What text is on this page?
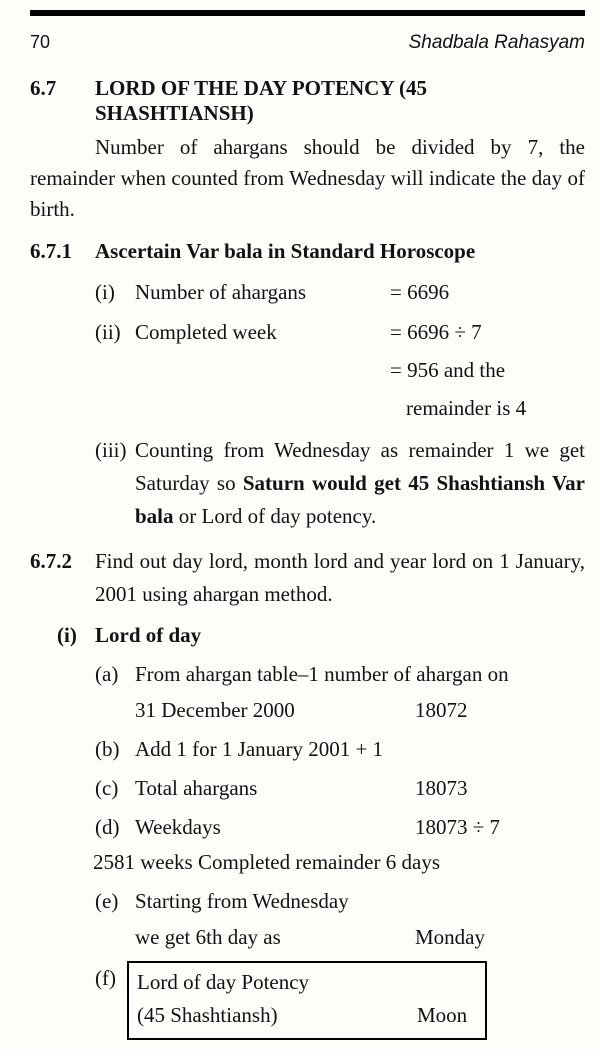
70	Shadbala Rahasyam
6.7	LORD OF THE DAY POTENCY (45 SHASHTIANSH)
Number of ahargans should be divided by 7, the remainder when counted from Wednesday will indicate the day of birth.
6.7.1	Ascertain Var bala in Standard Horoscope
(i) Number of ahargans	= 6696
(ii) Completed week	= 6696 ÷ 7
= 956 and the
remainder is 4
(iii) Counting from Wednesday as remainder 1 we get Saturday so Saturn would get 45 Shashtiansh Var bala or Lord of day potency.
6.7.2	Find out day lord, month lord and year lord on 1 January, 2001 using ahargan method.
(i) Lord of day
(a) From ahargan table–1 number of ahargan on
31 December 2000	18072
(b) Add 1 for 1 January 2001 + 1
(c) Total ahargans	18073
(d) Weekdays	18073 ÷ 7
2581 weeks Completed remainder 6 days
(e) Starting from Wednesday
we get 6th day as	Monday
(f)	Lord of day Potency
(45 Shashtiansh)	Moon
